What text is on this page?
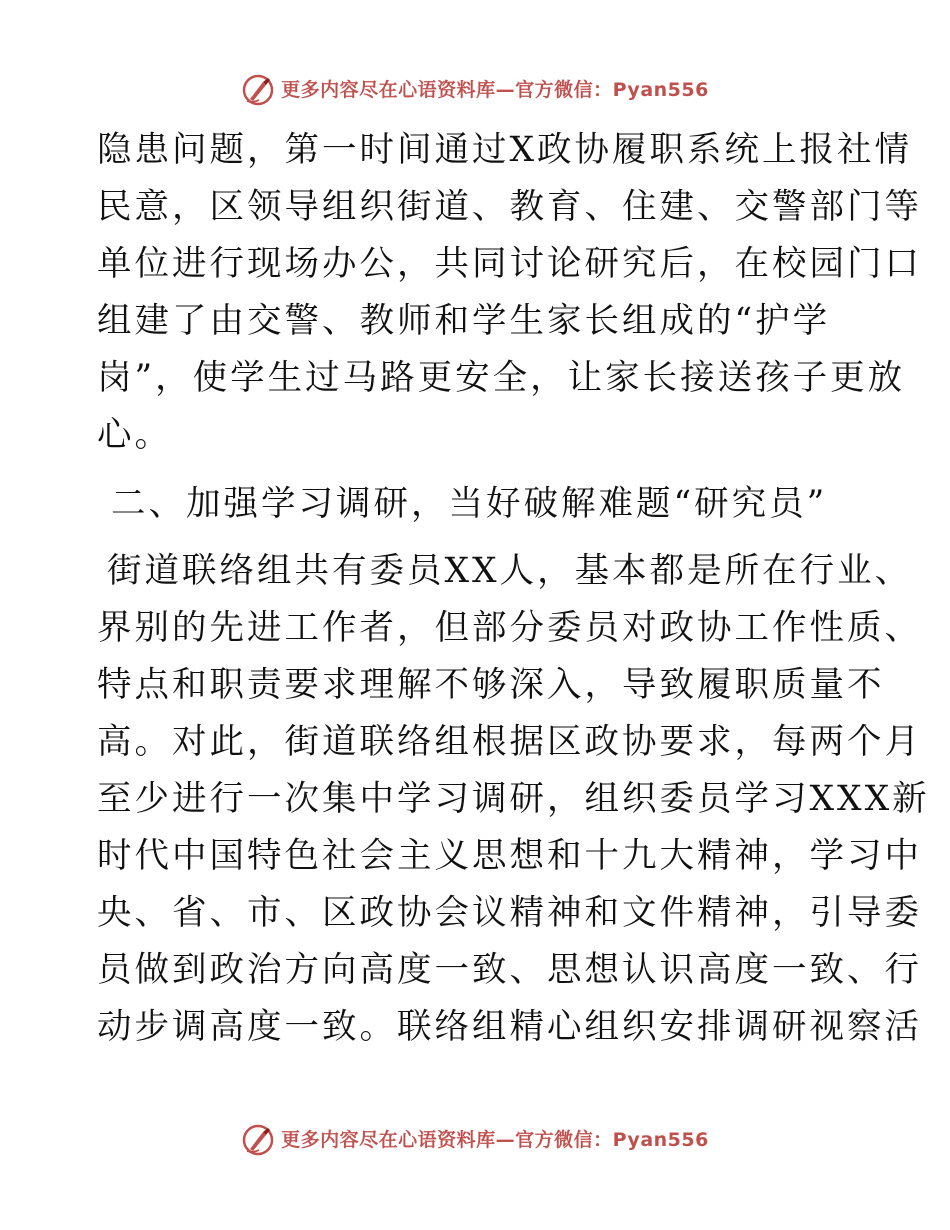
更多内容尽在心语资料库—官方微信：Pyan556
隐患问题，第一时间通过X政协履职系统上报社情
民意，区领导组织街道、教育、住建、交警部门等
单位进行现场办公，共同讨论研究后，在校园门口
组建了由交警、教师和学生家长组成的“护学
岗”，使学生过马路更安全，让家长接送孩子更放
心。
二、加强学习调研，当好破解难题“研究员”
街道联络组共有委员XX人，基本都是所在行业、
界别的先进工作者，但部分委员对政协工作性质、
特点和职责要求理解不够深入，导致履职质量不
高。对此，街道联络组根据区政协要求，每两个月
至少进行一次集中学习调研，组织委员学习XXX新
时代中国特色社会主义思想和十九大精神，学习中
央、省、市、区政协会议精神和文件精神，引导委
员做到政治方向高度一致、思想认识高度一致、行
动步调高度一致。联络组精心组织安排调研视察活
更多内容尽在心语资料库—官方微信：Pyan556
